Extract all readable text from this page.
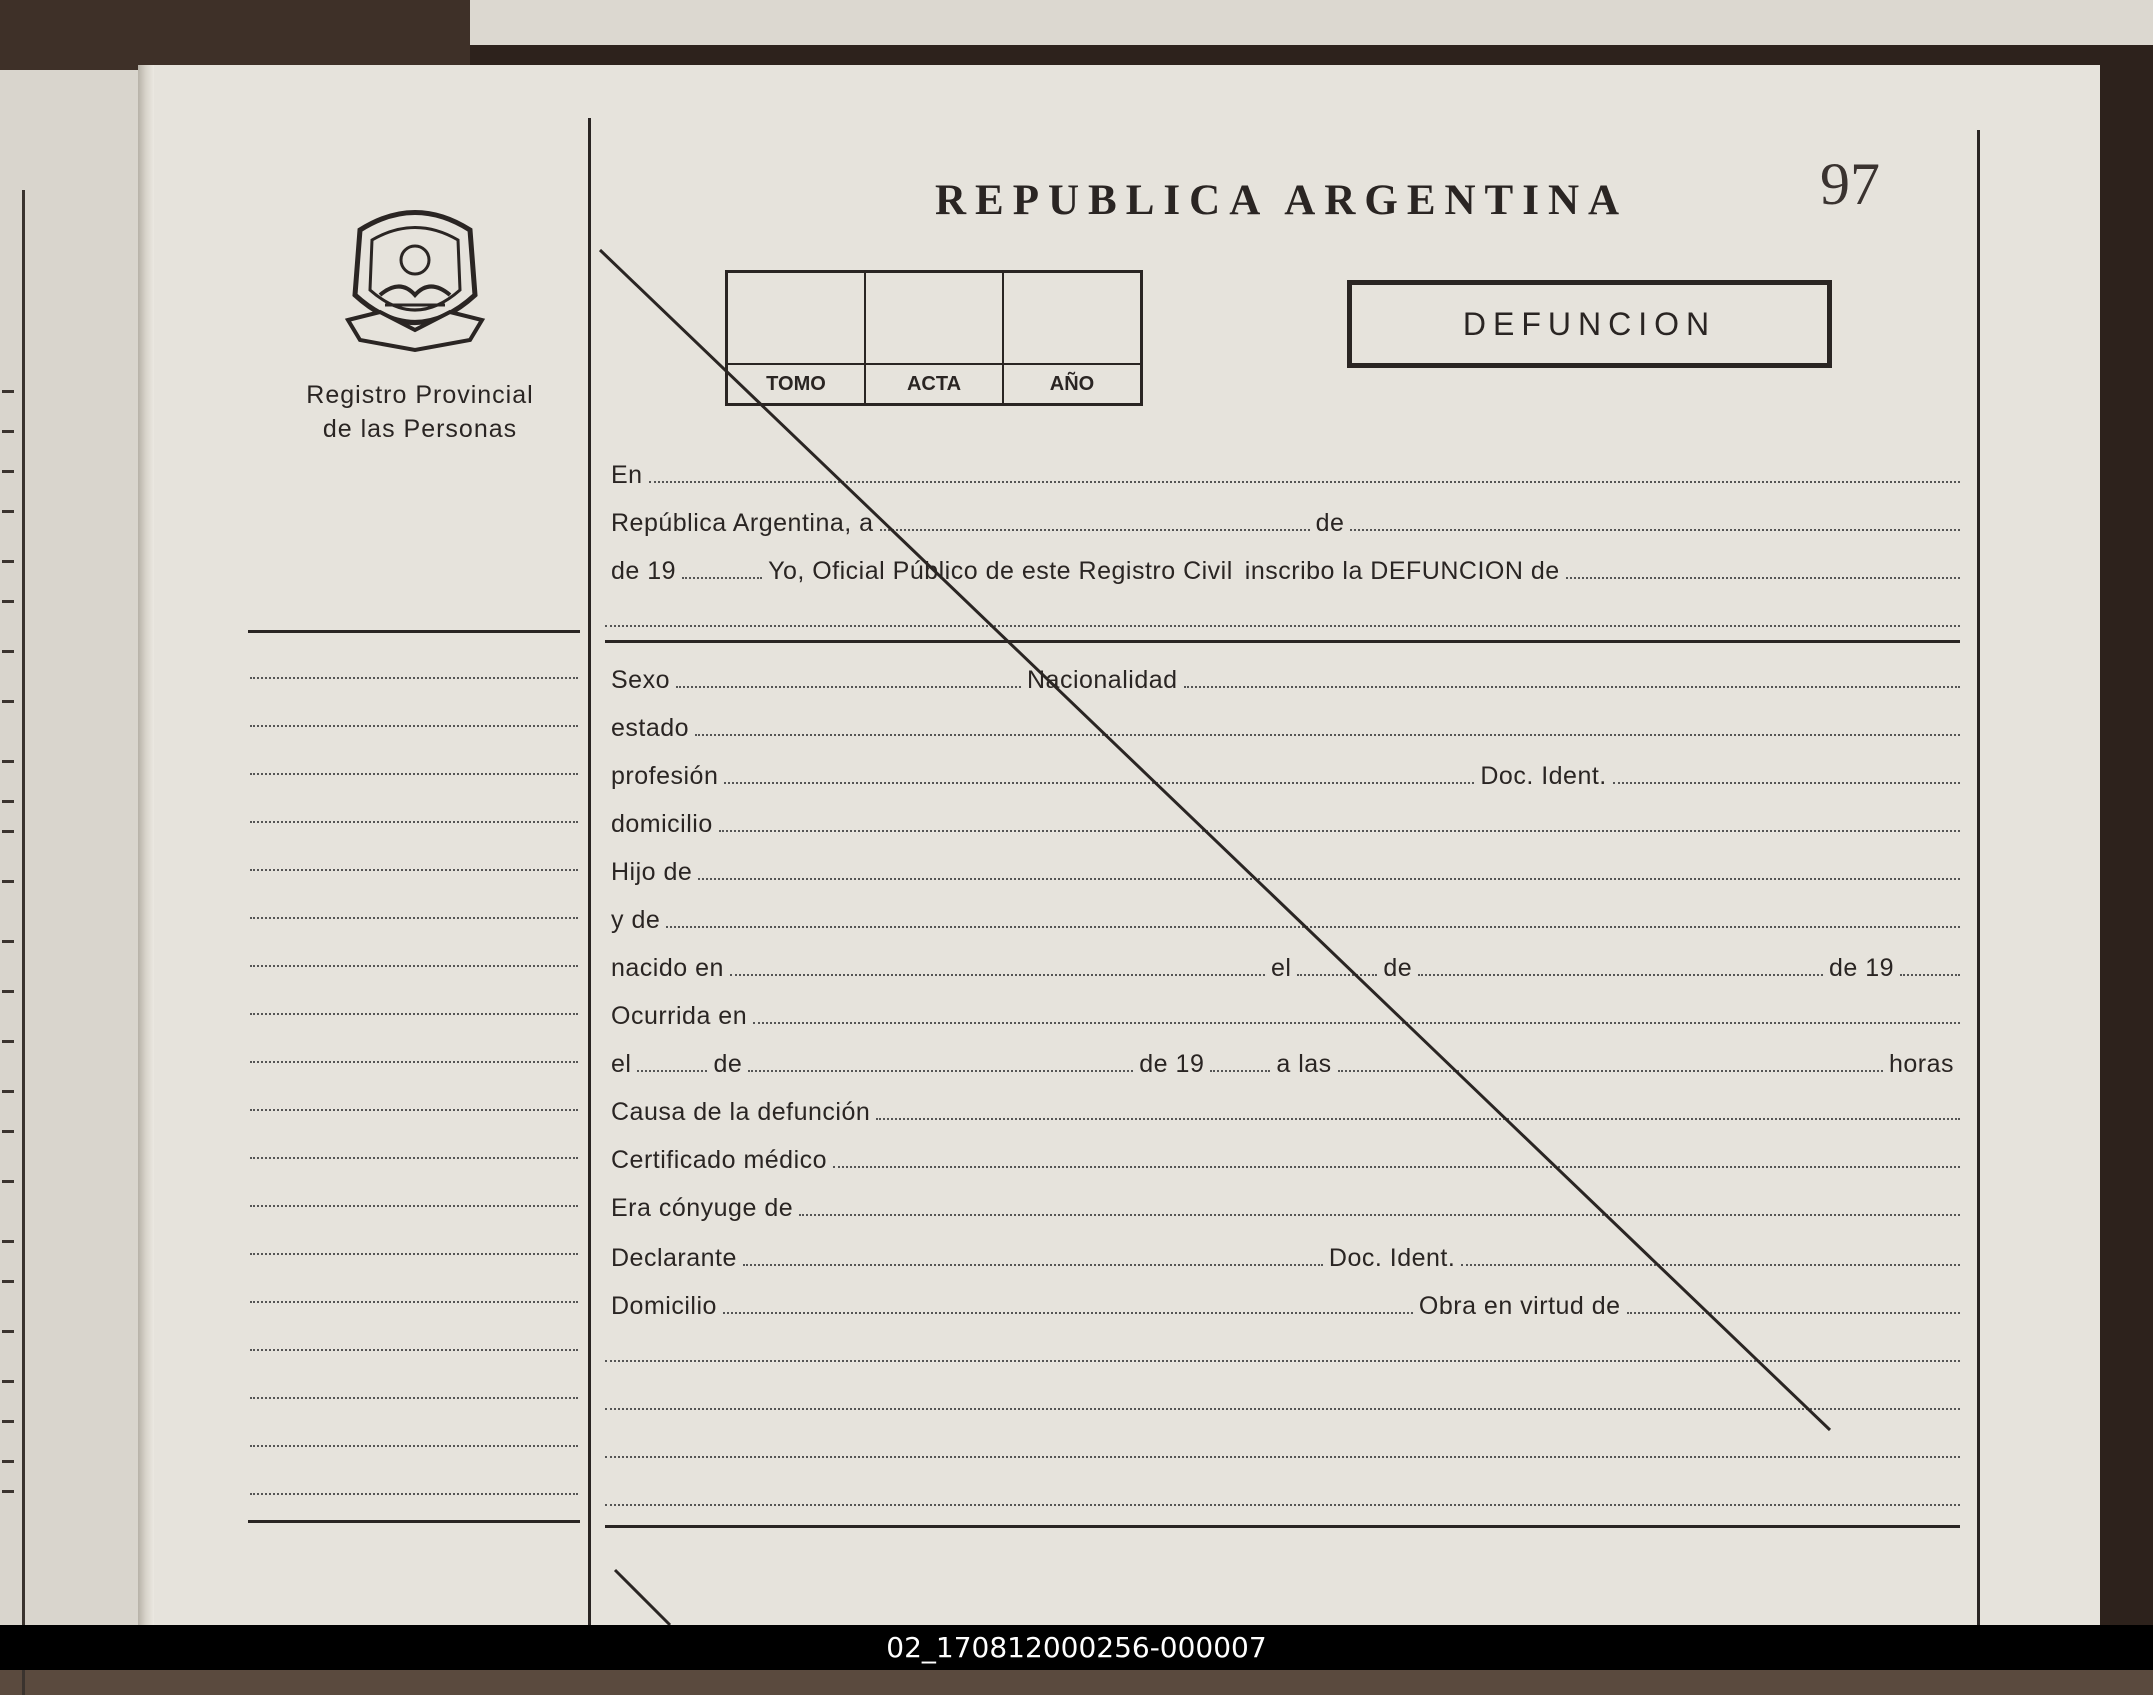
Registro Provincial
de las Personas
REPUBLICA ARGENTINA	97
TOMO	ACTA	AÑO
DEFUNCION
En
República Argentina, a	de
de 19	Yo, Oficial Público de este Registro Civil inscribo la DEFUNCION de
Sexo	Nacionalidad
estado
profesión	Doc. Ident.
domicilio
Hijo de
y de
nacido en	el	de	de 19
Ocurrida en
el	de	de 19	a las	horas
Causa de la defunción
Certificado médico
Era cónyuge de
Declarante	Doc. Ident.
Domicilio	Obra en virtud de
02_170812000256-000007
